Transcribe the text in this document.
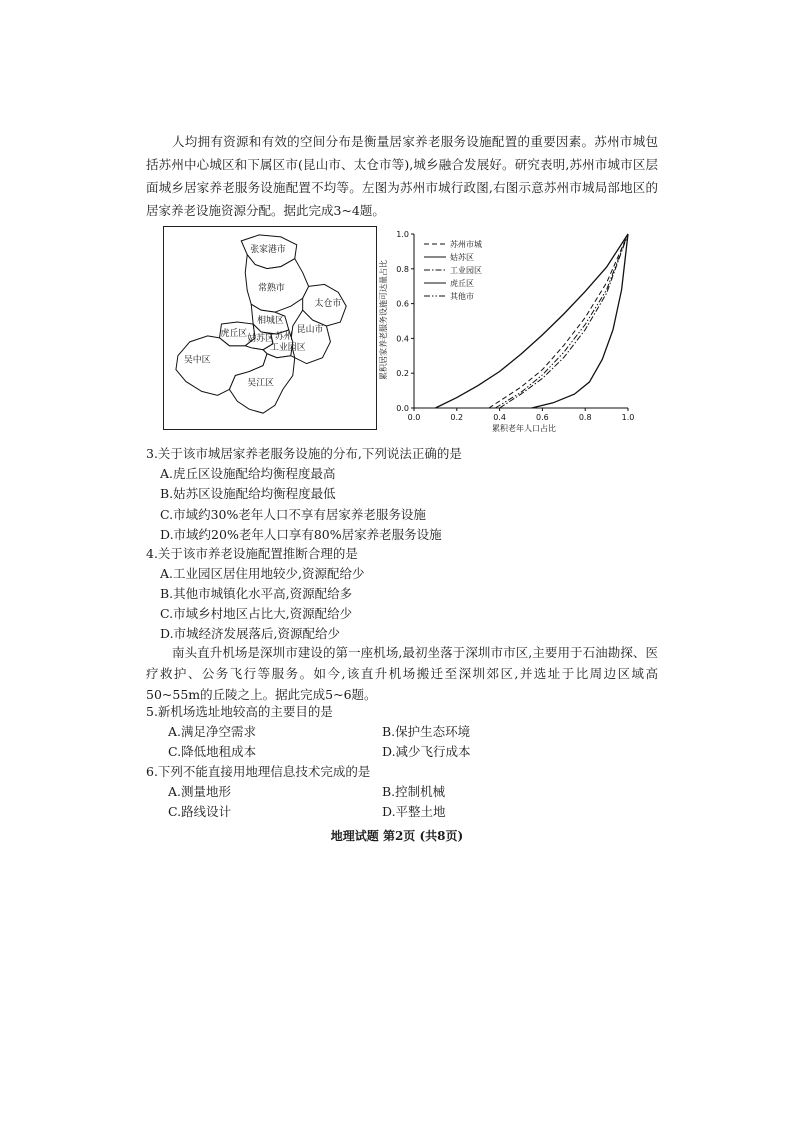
人均拥有资源和有效的空间分布是衡量居家养老服务设施配置的重要因素。苏州市城包括苏州中心城区和下属区市(昆山市、太仓市等),城乡融合发展好。研究表明,苏州市城市区层面城乡居家养老服务设施配置不均等。左图为苏州市城行政图,右图示意苏州市城局部地区的居家养老设施资源分配。据此完成3~4题。

张家港市
常熟市
太仓市
相城区
虎丘区 姑苏区 苏州
工业园区
昆山市
吴中区
吴江区
0.0	0.2	0.4	0.6	0.8	1.0
0.0
0.2
0.4
0.6
0.8
1.0
苏州市城
姑苏区
工业园区
虎丘区
其他市
累积老年人口占比
累积居家养老服务设施可达量占比

3.关于该市城居家养老服务设施的分布,下列说法正确的是

A.虎丘区设施配给均衡程度最高

B.姑苏区设施配给均衡程度最低

C.市域约30%老年人口不享有居家养老服务设施

D.市域约20%老年人口享有80%居家养老服务设施

4.关于该市养老设施配置推断合理的是

A.工业园区居住用地较少,资源配给少

B.其他市城镇化水平高,资源配给多

C.市域乡村地区占比大,资源配给少

D.市城经济发展落后,资源配给少

南头直升机场是深圳市建设的第一座机场,最初坐落于深圳市市区,主要用于石油勘探、医疗救护、公务飞行等服务。如今,该直升机场搬迁至深圳郊区,并选址于比周边区域高50~55m的丘陵之上。据此完成5~6题。

5.新机场选址地较高的主要目的是

A.满足净空需求	B.保护生态环境

C.降低地租成本	D.减少飞行成本

6.下列不能直接用地理信息技术完成的是

A.测量地形	B.控制机械

C.路线设计	D.平整土地

地理试题 第2页 (共8页)
